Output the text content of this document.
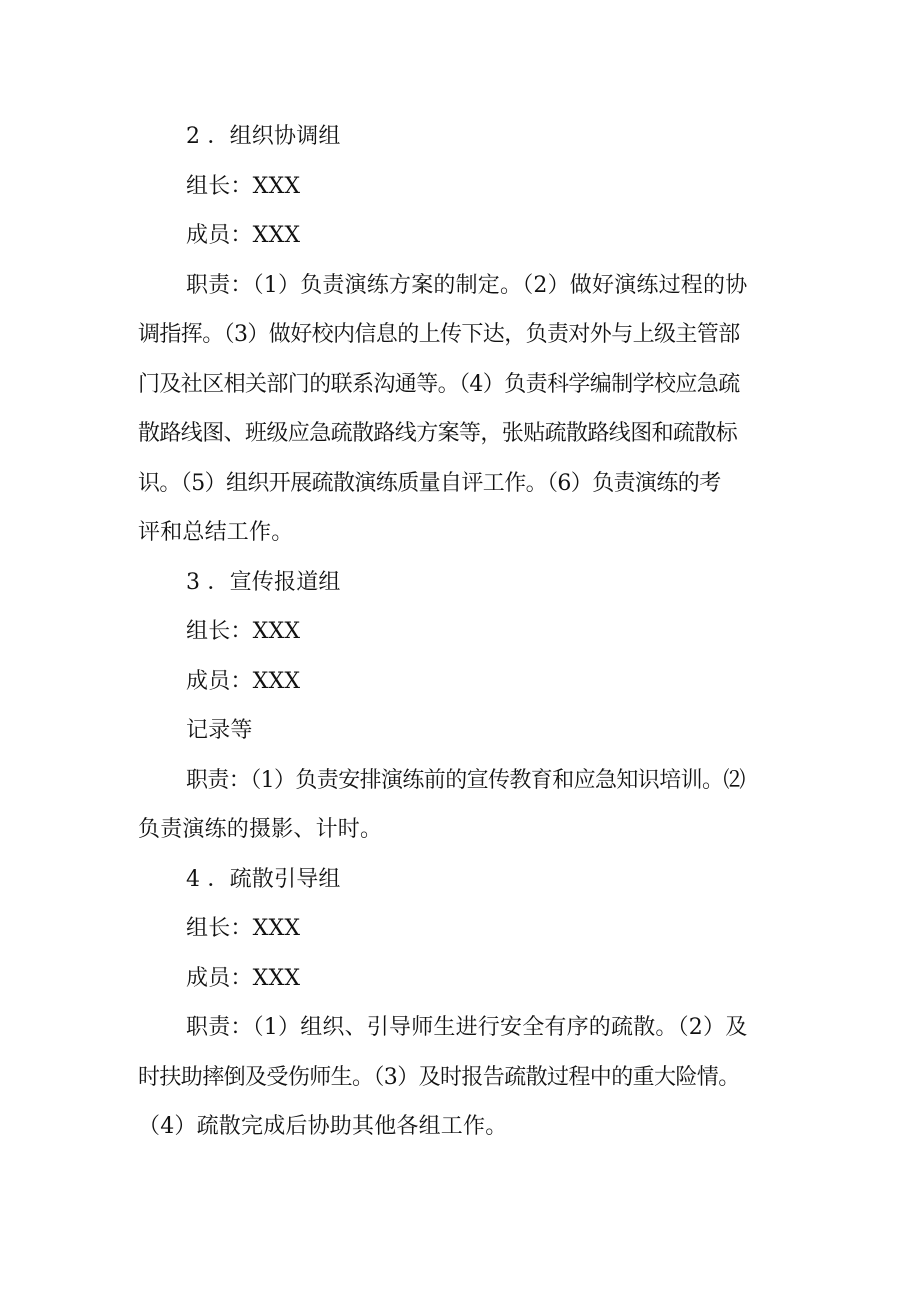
2 ．组织协调组
组长：XXX
成员：XXX
职责：（1）负责演练方案的制定。（2）做好演练过程的协
调指挥。（3）做好校内信息的上传下达，负责对外与上级主管部
门及社区相关部门的联系沟通等。（4）负责科学编制学校应急疏
散路线图、班级应急疏散路线方案等，张贴疏散路线图和疏散标
识。（5）组织开展疏散演练质量自评工作。（6）负责演练的考
评和总结工作。
3 ．宣传报道组
组长：XXX
成员：XXX
记录等
职责：（1）负责安排演练前的宣传教育和应急知识培训。⑵
负责演练的摄影、计时。
4 ．疏散引导组
组长：XXX
成员：XXX
职责：（1）组织、引导师生进行安全有序的疏散。（2）及
时扶助摔倒及受伤师生。（3）及时报告疏散过程中的重大险情。
（4）疏散完成后协助其他各组工作。
